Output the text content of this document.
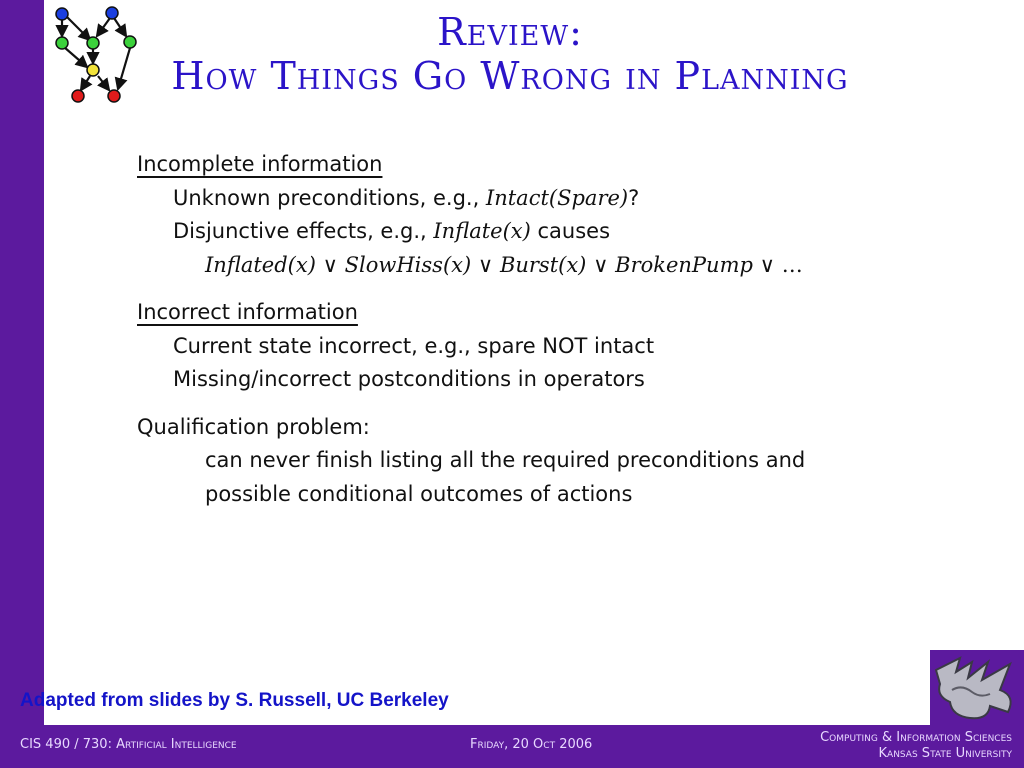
Review:
How Things Go Wrong in Planning
Incomplete information
Unknown preconditions, e.g., Intact(Spare)?
Disjunctive effects, e.g., Inflate(x) causes
Inflated(x) ∨ SlowHiss(x) ∨ Burst(x) ∨ BrokenPump ∨ …
Incorrect information
Current state incorrect, e.g., spare NOT intact
Missing/incorrect postconditions in operators
Qualification problem:
can never finish listing all the required preconditions and
possible conditional outcomes of actions
Adapted from slides by S. Russell, UC Berkeley
CIS 490 / 730: Artificial Intelligence	Friday, 20 Oct 2006	Computing & Information Sciences
Kansas State University
